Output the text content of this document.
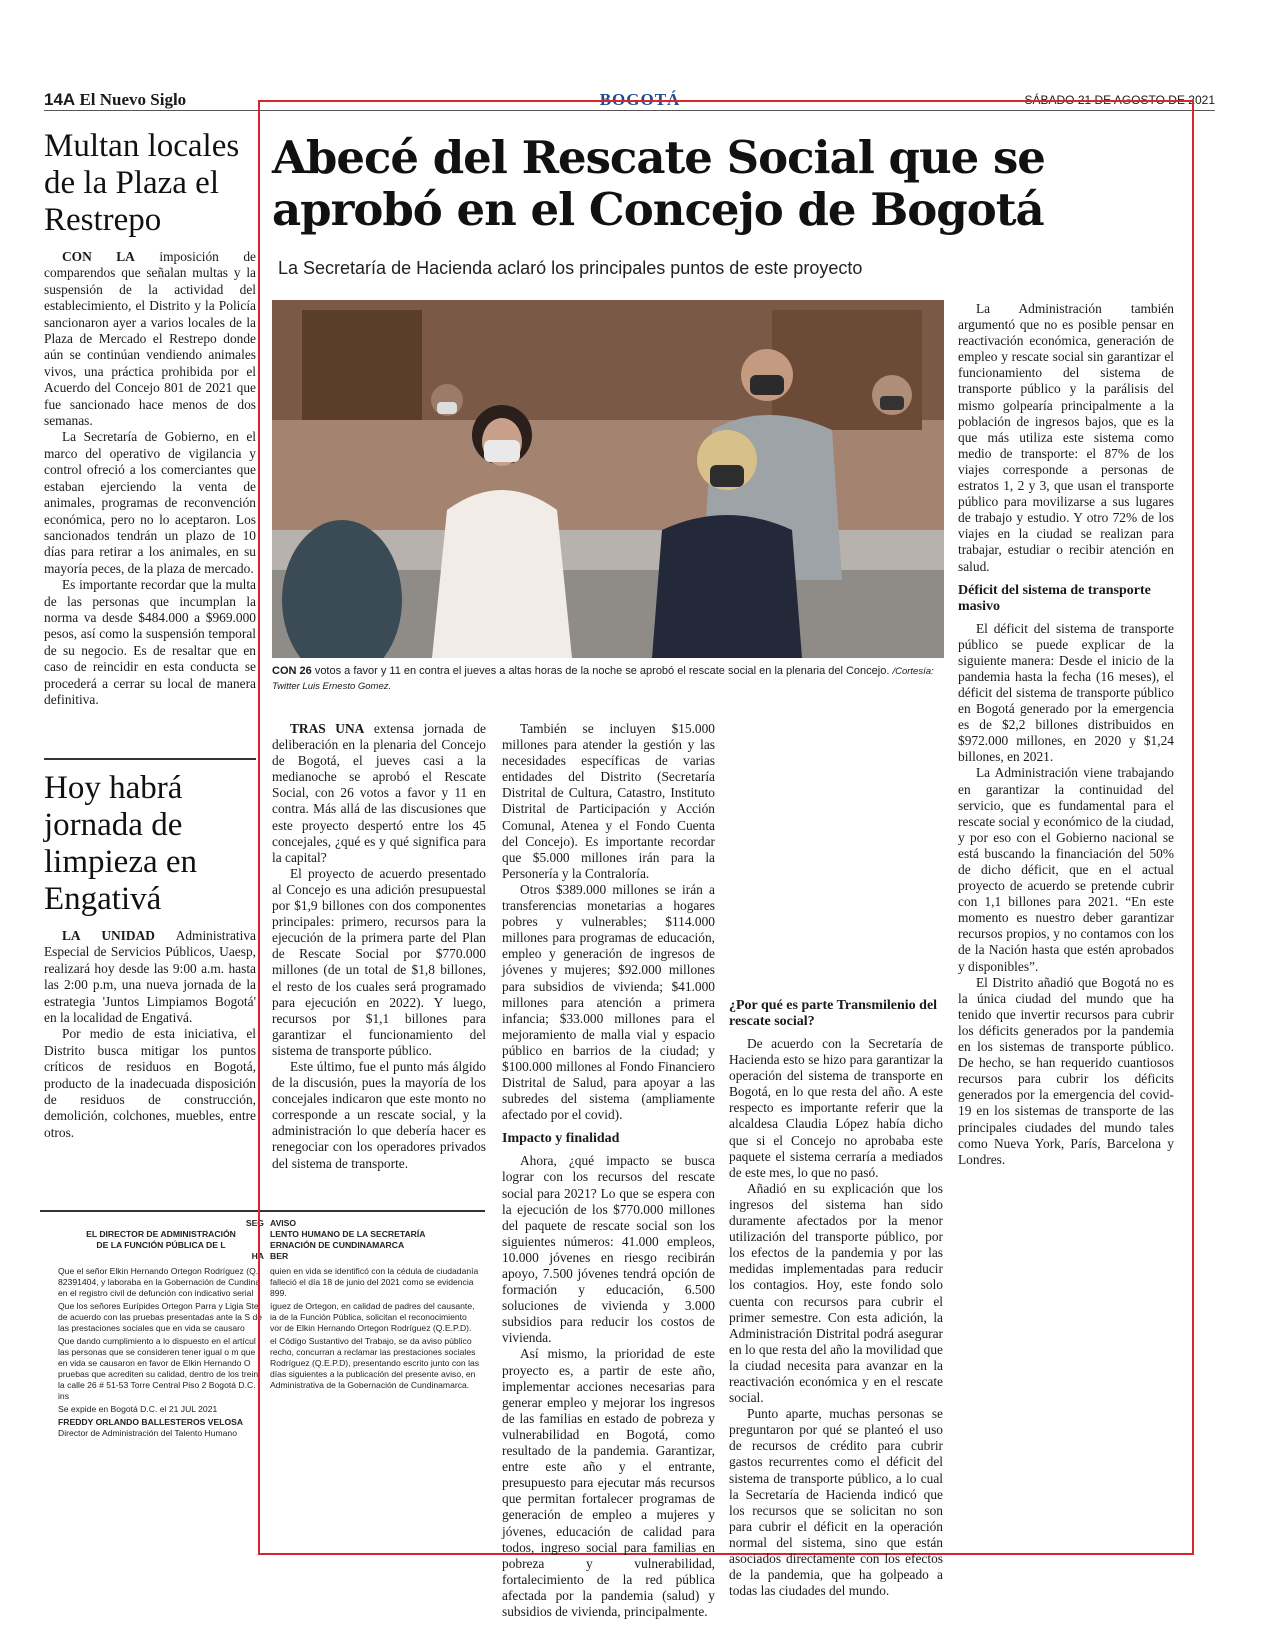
14A El Nuevo Siglo	BOGOTÁ	SÁBADO 21 DE AGOSTO DE 2021
Multan locales de la Plaza el Restrepo

CON LA imposición de comparendos que señalan multas y la suspensión de la actividad del establecimiento, el Distrito y la Policía sancionaron ayer a varios locales de la Plaza de Mercado el Restrepo donde aún se continúan vendiendo animales vivos, una práctica prohibida por el Acuerdo del Concejo 801 de 2021 que fue sancionado hace menos de dos semanas.

La Secretaría de Gobierno, en el marco del operativo de vigilancia y control ofreció a los comerciantes que estaban ejerciendo la venta de animales, programas de reconvención económica, pero no lo aceptaron. Los sancionados tendrán un plazo de 10 días para retirar a los animales, en su mayoría peces, de la plaza de mercado.

Es importante recordar que la multa de las personas que incumplan la norma va desde $484.000 a $969.000 pesos, así como la suspensión temporal de su negocio. Es de resaltar que en caso de reincidir en esta conducta se procederá a cerrar su local de manera definitiva.

Hoy habrá jornada de limpieza en Engativá

LA UNIDAD Administrativa Especial de Servicios Públicos, Uaesp, realizará hoy desde las 9:00 a.m. hasta las 2:00 p.m, una nueva jornada de la estrategia 'Juntos Limpiamos Bogotá' en la localidad de Engativá.

Por medio de esta iniciativa, el Distrito busca mitigar los puntos críticos de residuos en Bogotá, producto de la inadecuada disposición de residuos de construcción, demolición, colchones, muebles, entre otros.

SEG
EL DIRECTOR DE ADMINISTRACIÓN
DE LA FUNCIÓN PÚBLICA DE L
HA

Que el señor Elkin Hernando Ortegon Rodríguez (Q. 82391404, y laboraba en la Gobernación de Cundina en el registro civil de defunción con indicativo serial

Que los señores Eurípides Ortegon Parra y Ligia Stel de acuerdo con las pruebas presentadas ante la S de las prestaciones sociales que en vida se causaro

Que dando cumplimiento a lo dispuesto en el artícul las personas que se consideren tener igual o m que en vida se causaron en favor de Elkin Hernando O pruebas que acrediten su calidad, dentro de los trein la calle 26 # 51-53 Torre Central Piso 2 Bogotá D.C. ins

Se expide en Bogotá D.C. el 21 JUL 2021

FREDDY ORLANDO BALLESTEROS VELOSA
Director de Administración del Talento Humano
AVISO
LENTO HUMANO DE LA SECRETARÍA
ERNACIÓN DE CUNDINAMARCA
BER

quien en vida se identificó con la cédula de ciudadanía falleció el día 18 de junio del 2021 como se evidencia 899.

íguez de Ortegon, en calidad de padres del causante, ia de la Función Pública, solicitan el reconocimiento vor de Elkin Hernando Ortegon Rodríguez (Q.E.P.D).

el Código Sustantivo del Trabajo, se da aviso público recho, concurran a reclamar las prestaciones sociales Rodríguez (Q.E.P.D), presentando escrito junto con las días siguientes a la publicación del presente aviso, en Administrativa de la Gobernación de Cundinamarca.

Abecé del Rescate Social que se aprobó en el Concejo de Bogotá
La Secretaría de Hacienda aclaró los principales puntos de este proyecto
CON 26 votos a favor y 11 en contra el jueves a altas horas de la noche se aprobó el rescate social en la plenaria del Concejo. /Cortesía: Twitter Luis Ernesto Gomez.

TRAS UNA extensa jornada de deliberación en la plenaria del Concejo de Bogotá, el jueves casi a la medianoche se aprobó el Rescate Social, con 26 votos a favor y 11 en contra. Más allá de las discusiones que este proyecto despertó entre los 45 concejales, ¿qué es y qué significa para la capital?

El proyecto de acuerdo presentado al Concejo es una adición presupuestal por $1,9 billones con dos componentes principales: primero, recursos para la ejecución de la primera parte del Plan de Rescate Social por $770.000 millones (de un total de $1,8 billones, el resto de los cuales será programado para ejecución en 2022). Y luego, recursos por $1,1 billones para garantizar el funcionamiento del sistema de transporte público.

Este último, fue el punto más álgido de la discusión, pues la mayoría de los concejales indicaron que este monto no corresponde a un rescate social, y la administración lo que debería hacer es renegociar con los operadores privados del sistema de transporte.

También se incluyen $15.000 millones para atender la gestión y las necesidades específicas de varias entidades del Distrito (Secretaría Distrital de Cultura, Catastro, Instituto Distrital de Participación y Acción Comunal, Atenea y el Fondo Cuenta del Concejo). Es importante recordar que $5.000 millones irán para la Personería y la Contraloría.

Otros $389.000 millones se irán a transferencias monetarias a hogares pobres y vulnerables; $114.000 millones para programas de educación, empleo y generación de ingresos de jóvenes y mujeres; $92.000 millones para subsidios de vivienda; $41.000 millones para atención a primera infancia; $33.000 millones para el mejoramiento de malla vial y espacio público en barrios de la ciudad; y $100.000 millones al Fondo Financiero Distrital de Salud, para apoyar a las subredes del sistema (ampliamente afectado por el covid).

Impacto y finalidad

Ahora, ¿qué impacto se busca lograr con los recursos del rescate social para 2021? Lo que se espera con la ejecución de los $770.000 millones del paquete de rescate social son los siguientes números: 41.000 empleos, 10.000 jóvenes en riesgo recibirán apoyo, 7.500 jóvenes tendrá opción de formación y educación, 6.500 soluciones de vivienda y 3.000 subsidios para reducir los costos de vivienda.

Así mismo, la prioridad de este proyecto es, a partir de este año, implementar acciones necesarias para generar empleo y mejorar los ingresos de las familias en estado de pobreza y vulnerabilidad en Bogotá, como resultado de la pandemia. Garantizar, entre este año y el entrante, presupuesto para ejecutar más recursos que permitan fortalecer programas de generación de empleo a mujeres y jóvenes, educación de calidad para todos, ingreso social para familias en pobreza y vulnerabilidad, fortalecimiento de la red pública afectada por la pandemia (salud) y subsidios de vivienda, principalmente.

¿Por qué es parte Transmilenio del rescate social?

De acuerdo con la Secretaría de Hacienda esto se hizo para garantizar la operación del sistema de transporte en Bogotá, en lo que resta del año. A este respecto es importante referir que la alcaldesa Claudia López había dicho que si el Concejo no aprobaba este paquete el sistema cerraría a mediados de este mes, lo que no pasó.

Añadió en su explicación que los ingresos del sistema han sido duramente afectados por la menor utilización del transporte público, por los efectos de la pandemia y por las medidas implementadas para reducir los contagios. Hoy, este fondo solo cuenta con recursos para cubrir el primer semestre. Con esta adición, la Administración Distrital podrá asegurar en lo que resta del año la movilidad que la ciudad necesita para avanzar en la reactivación económica y en el rescate social.

Punto aparte, muchas personas se preguntaron por qué se planteó el uso de recursos de crédito para cubrir gastos recurrentes como el déficit del sistema de transporte público, a lo cual la Secretaría de Hacienda indicó que los recursos que se solicitan no son para cubrir el déficit en la operación normal del sistema, sino que están asociados directamente con los efectos de la pandemia, que ha golpeado a todas las ciudades del mundo.

La Administración también argumentó que no es posible pensar en reactivación económica, generación de empleo y rescate social sin garantizar el funcionamiento del sistema de transporte público y la parálisis del mismo golpearía principalmente a la población de ingresos bajos, que es la que más utiliza este sistema como medio de transporte: el 87% de los viajes corresponde a personas de estratos 1, 2 y 3, que usan el transporte público para movilizarse a sus lugares de trabajo y estudio. Y otro 72% de los viajes en la ciudad se realizan para trabajar, estudiar o recibir atención en salud.

Déficit del sistema de transporte masivo

El déficit del sistema de transporte público se puede explicar de la siguiente manera: Desde el inicio de la pandemia hasta la fecha (16 meses), el déficit del sistema de transporte público en Bogotá generado por la emergencia es de $2,2 billones distribuidos en $972.000 millones, en 2020 y $1,24 billones, en 2021.

La Administración viene trabajando en garantizar la continuidad del servicio, que es fundamental para el rescate social y económico de la ciudad, y por eso con el Gobierno nacional se está buscando la financiación del 50% de dicho déficit, que en el actual proyecto de acuerdo se pretende cubrir con 1,1 billones para 2021. “En este momento es nuestro deber garantizar recursos propios, y no contamos con los de la Nación hasta que estén aprobados y disponibles”.

El Distrito añadió que Bogotá no es la única ciudad del mundo que ha tenido que invertir recursos para cubrir los déficits generados por la pandemia en los sistemas de transporte público. De hecho, se han requerido cuantiosos recursos para cubrir los déficits generados por la emergencia del covid-19 en los sistemas de transporte de las principales ciudades del mundo tales como Nueva York, París, Barcelona y Londres.
